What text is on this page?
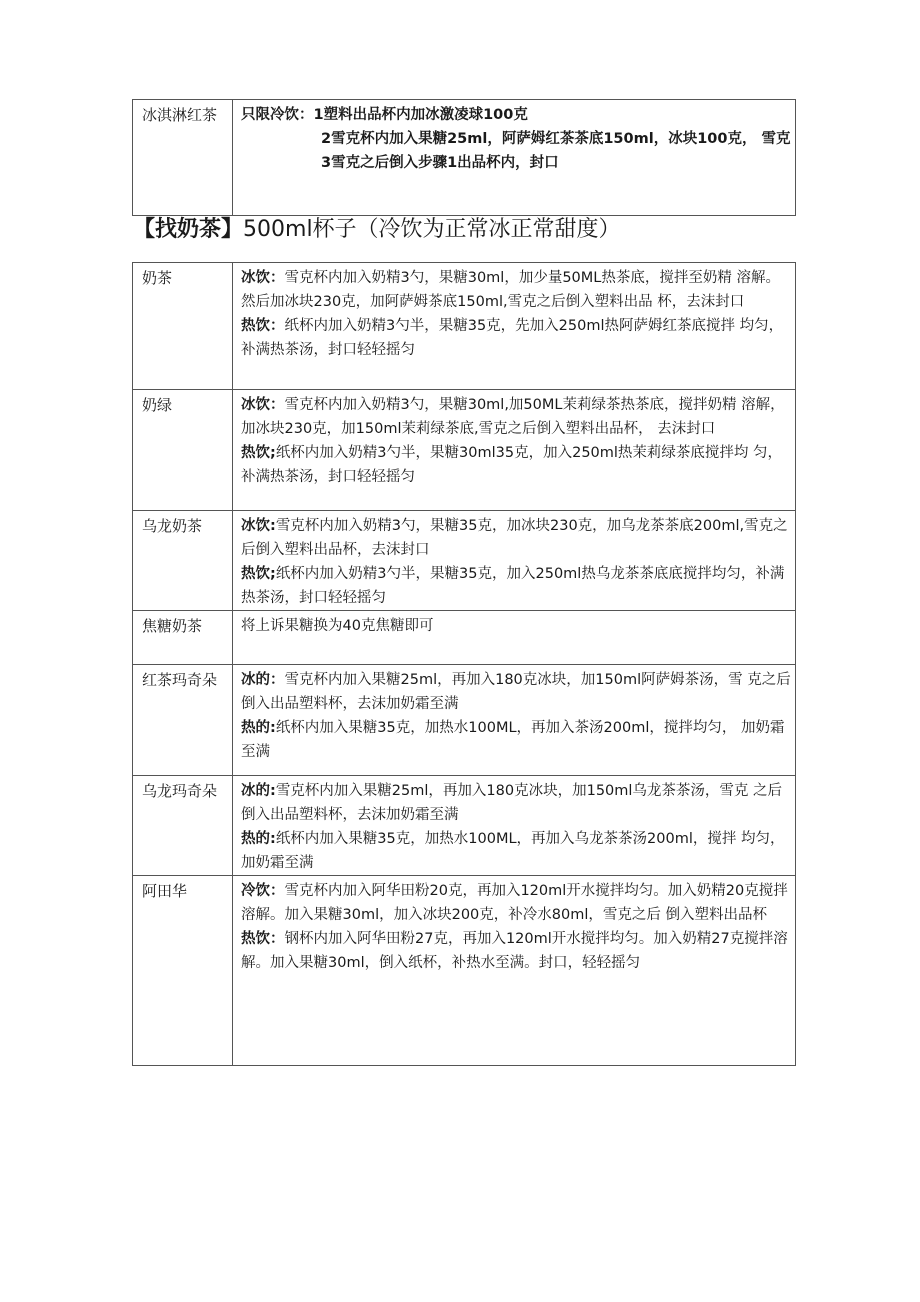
冰淇淋红茶	只限冷饮： 1塑料出品杯内加冰激凌球100克
2雪克杯内加入果糖25ml，阿萨姆红茶茶底150ml，冰块100克， 雪克
3雪克之后倒入步骤1出品杯内，封口
【找奶茶】500ml杯子（冷饮为正常冰正常甜度）
奶茶	冰饮：雪克杯内加入奶精3勺，果糖30ml，加少量50ML热茶底，搅拌至奶精 溶解。然后加冰块230克，加阿萨姆茶底150ml,雪克之后倒入塑料出品 杯，去沫封口

热饮：纸杯内加入奶精3勺半，果糖35克，先加入250ml热阿萨姆红茶底搅拌 均匀，补满热茶汤，封口轻轻摇匀

奶绿	冰饮：雪克杯内加入奶精3勺，果糖30ml,加50ML茉莉绿茶热茶底，搅拌奶精 溶解，加冰块230克，加150ml茉莉绿茶底,雪克之后倒入塑料出品杯， 去沫封口

热饮;纸杯内加入奶精3勺半，果糖30ml35克，加入250ml热茉莉绿茶底搅拌均 匀，补满热茶汤，封口轻轻摇匀

乌龙奶茶	冰饮:雪克杯内加入奶精3勺，果糖35克，加冰块230克，加乌龙茶茶底200ml,雪克之后倒入塑料出品杯，去沫封口

热饮;纸杯内加入奶精3勺半，果糖35克，加入250ml热乌龙茶茶底底搅拌均匀，补满热茶汤，封口轻轻摇匀

焦糖奶茶	将上诉果糖换为40克焦糖即可

红茶玛奇朵	冰的：雪克杯内加入果糖25ml，再加入180克冰块，加150ml阿萨姆茶汤，雪 克之后倒入出品塑料杯，去沫加奶霜至满

热的:纸杯内加入果糖35克，加热水100ML，再加入茶汤200ml，搅拌均匀， 加奶霜至满

乌龙玛奇朵	冰的:雪克杯内加入果糖25ml，再加入180克冰块，加150ml乌龙茶茶汤，雪克 之后倒入出品塑料杯，去沫加奶霜至满

热的:纸杯内加入果糖35克，加热水100ML，再加入乌龙茶茶汤200ml，搅拌 均匀，加奶霜至满

阿田华	冷饮：雪克杯内加入阿华田粉20克，再加入120ml开水搅拌均匀。加入奶精20克搅拌溶解。加入果糖30ml，加入冰块200克，补冷水80ml，雪克之后 倒入塑料出品杯

热饮：钢杯内加入阿华田粉27克，再加入120ml开水搅拌均匀。加入奶精27克搅拌溶解。加入果糖30ml，倒入纸杯，补热水至满。封口，轻轻摇匀
